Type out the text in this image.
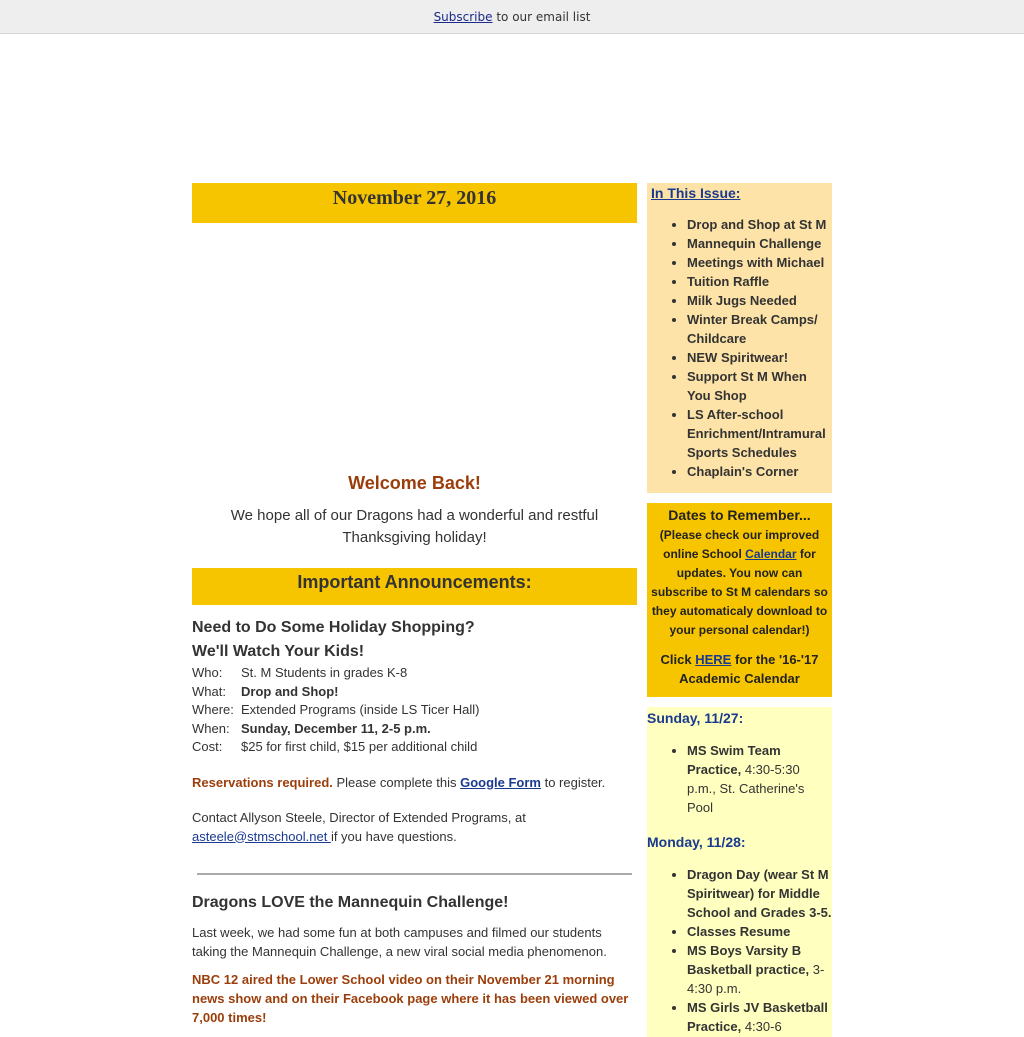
Subscribe to our email list
November 27, 2016
Welcome Back!

We hope all of our Dragons had a wonderful and restful Thanksgiving holiday!

Important Announcements:
Need to Do Some Holiday Shopping?
We'll Watch Your Kids!
Who: St. M Students in grades K-8
What: Drop and Shop!
Where: Extended Programs (inside LS Ticer Hall)
When: Sunday, December 11, 2-5 p.m.
Cost: $25 for first child, $15 per additional child

Reservations required. Please complete this Google Form to register.

Contact Allyson Steele, Director of Extended Programs, at
asteele@stmschool.net if you have questions.

Dragons LOVE the Mannequin Challenge!
Last week, we had some fun at both campuses and filmed our students taking the Mannequin Challenge, a new viral social media phenomenon.
NBC 12 aired the Lower School video on their November 21 morning news show and on their Facebook page where it has been viewed over 7,000 times!
In This Issue:
• Drop and Shop at St M
• Mannequin Challenge
• Meetings with Michael
• Tuition Raffle
• Milk Jugs Needed
• Winter Break Camps/ Childcare
• NEW Spiritwear!
• Support St M When You Shop
• LS After-school Enrichment/Intramural Sports Schedules
• Chaplain's Corner
Dates to Remember...
(Please check our improved online School Calendar for updates. You now can subscribe to St M calendars so they automaticaly download to your personal calendar!)
Click HERE for the '16-'17 Academic Calendar
Sunday, 11/27:
• MS Swim Team Practice, 4:30-5:30 p.m., St. Catherine's Pool
Monday, 11/28:
• Dragon Day (wear St M Spiritwear) for Middle School and Grades 3-5.
• Classes Resume
• MS Boys Varsity B Basketball practice, 3-4:30 p.m.
• MS Girls JV Basketball Practice, 4:30-6
